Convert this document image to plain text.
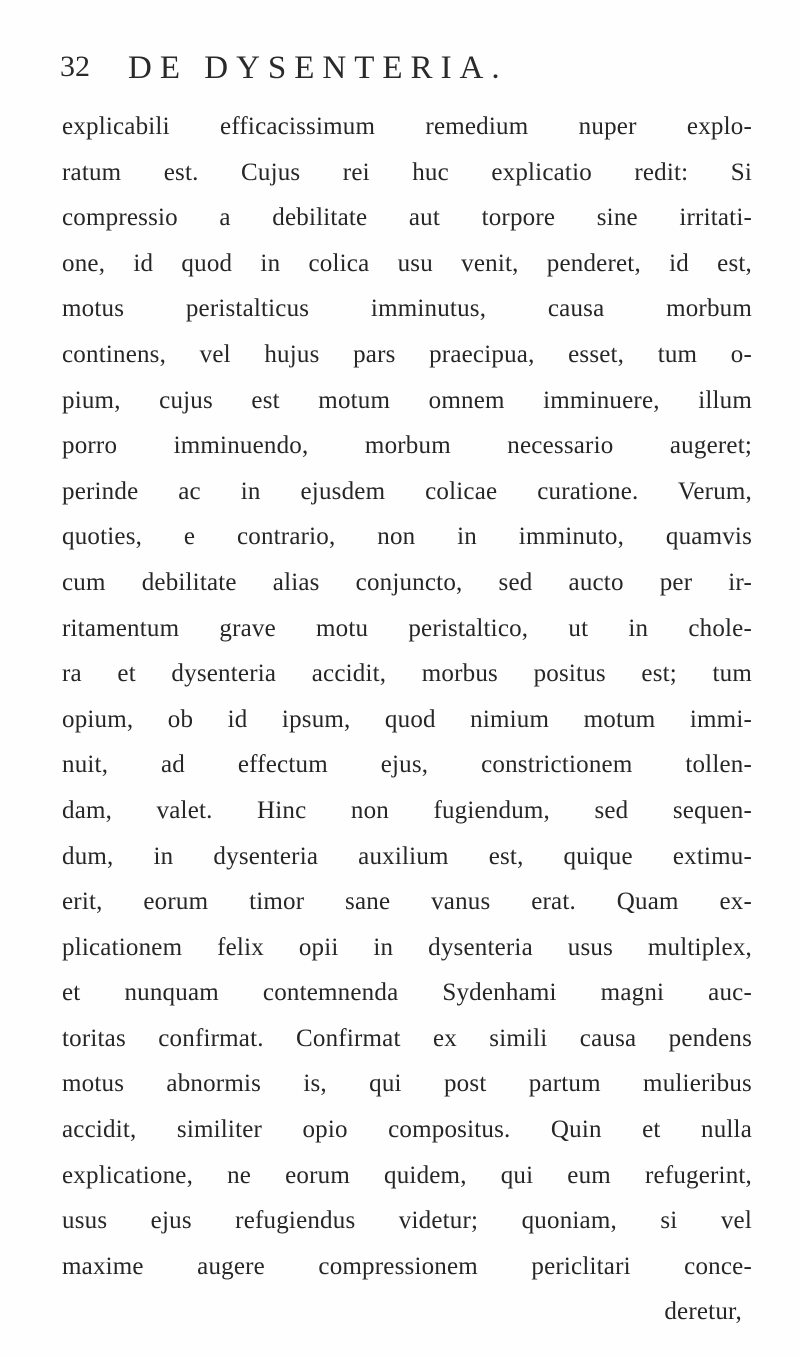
32 DE DYSENTERIA.
explicabili efficacissimum remedium nuper explo-
ratum est. Cujus rei huc explicatio redit: Si
compressio a debilitate aut torpore sine irritati-
one, id quod in colica usu venit, penderet, id est,
motus peristalticus imminutus, causa morbum
continens, vel hujus pars praecipua, esset, tum o-
pium, cujus est motum omnem imminuere, illum
porro imminuendo, morbum necessario augeret;
perinde ac in ejusdem colicae curatione. Verum,
quoties, e contrario, non in imminuto, quamvis
cum debilitate alias conjuncto, sed aucto per ir-
ritamentum grave motu peristaltico, ut in chole-
ra et dysenteria accidit, morbus positus est; tum
opium, ob id ipsum, quod nimium motum immi-
nuit, ad effectum ejus, constrictionem tollen-
dam, valet. Hinc non fugiendum, sed sequen-
dum, in dysenteria auxilium est, quique extimu-
erit, eorum timor sane vanus erat. Quam ex-
plicationem felix opii in dysenteria usus multiplex,
et nunquam contemnenda Sydenhami magni auc-
toritas confirmat. Confirmat ex simili causa pendens
motus abnormis is, qui post partum mulieribus
accidit, similiter opio compositus. Quin et nulla
explicatione, ne eorum quidem, qui eum refugerint,
usus ejus refugiendus videtur; quoniam, si vel
maxime augere compressionem periclitari conce-
deretur,
